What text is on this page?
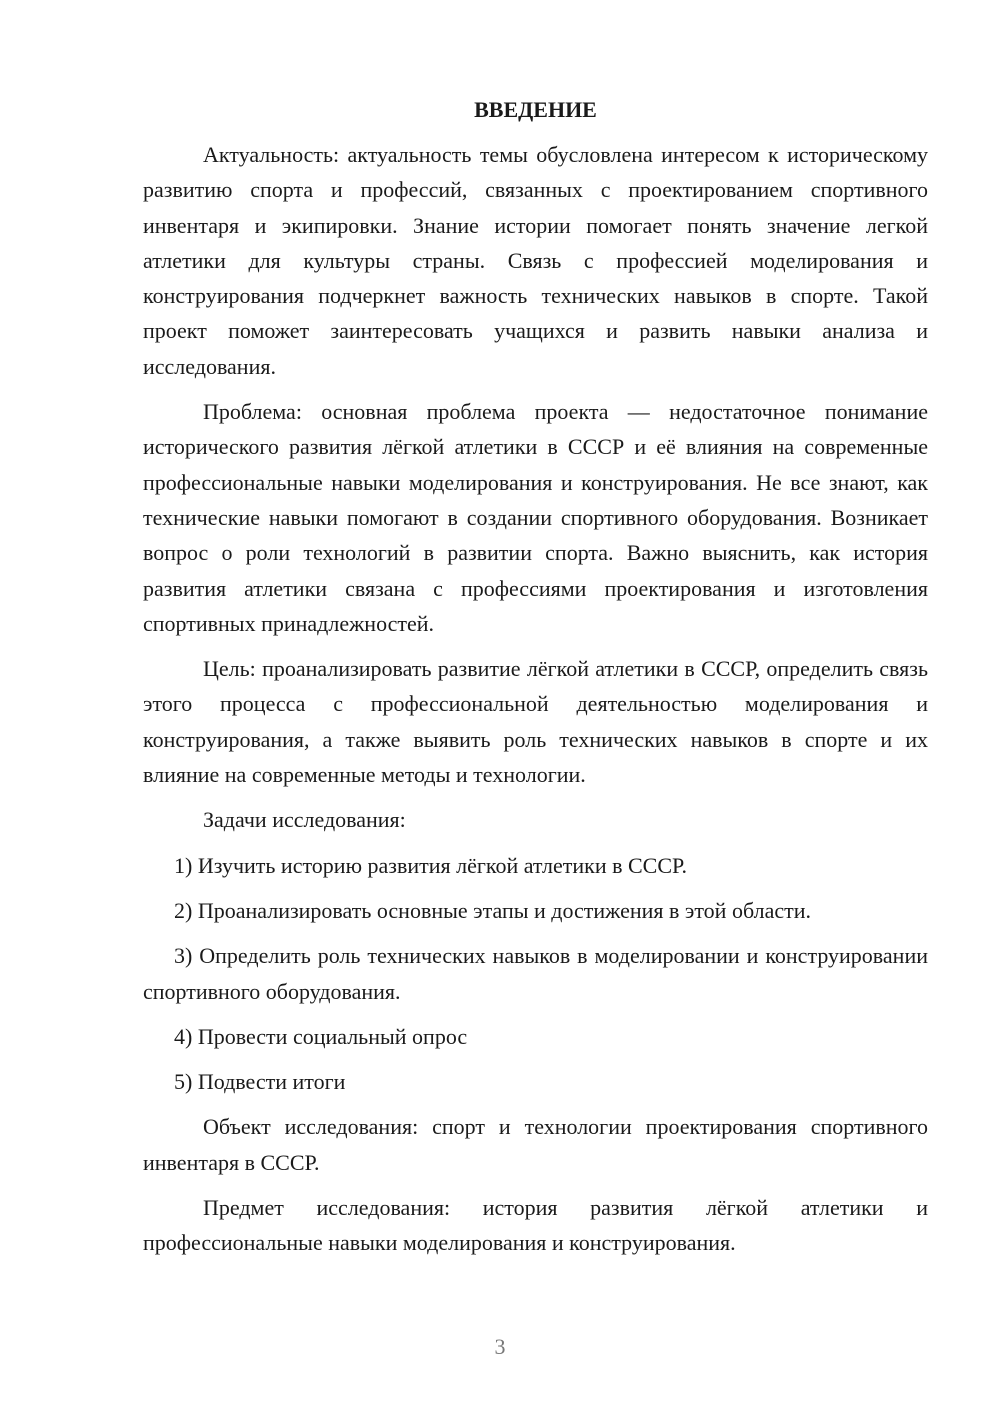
ВВЕДЕНИЕ

Актуальность: актуальность темы обусловлена интересом к историческому развитию спорта и профессий, связанных с проектированием спортивного инвентаря и экипировки. Знание истории помогает понять значение легкой атлетики для культуры страны. Связь с профессией моделирования и конструирования подчеркнет важность технических навыков в спорте. Такой проект поможет заинтересовать учащихся и развить навыки анализа и исследования.

Проблема: основная проблема проекта — недостаточное понимание исторического развития лёгкой атлетики в СССР и её влияния на современные профессиональные навыки моделирования и конструирования. Не все знают, как технические навыки помогают в создании спортивного оборудования. Возникает вопрос о роли технологий в развитии спорта. Важно выяснить, как история развития атлетики связана с профессиями проектирования и изготовления спортивных принадлежностей.

Цель: проанализировать развитие лёгкой атлетики в СССР, определить связь этого процесса с профессиональной деятельностью моделирования и конструирования, а также выявить роль технических навыков в спорте и их влияние на современные методы и технологии.

Задачи исследования:

1) Изучить историю развития лёгкой атлетики в СССР.

2) Проанализировать основные этапы и достижения в этой области.

3) Определить роль технических навыков в моделировании и конструировании спортивного оборудования.

4) Провести социальный опрос

5) Подвести итоги

Объект исследования: спорт и технологии проектирования спортивного инвентаря в СССР.

Предмет исследования: история развития лёгкой атлетики и профессиональные навыки моделирования и конструирования.

3
